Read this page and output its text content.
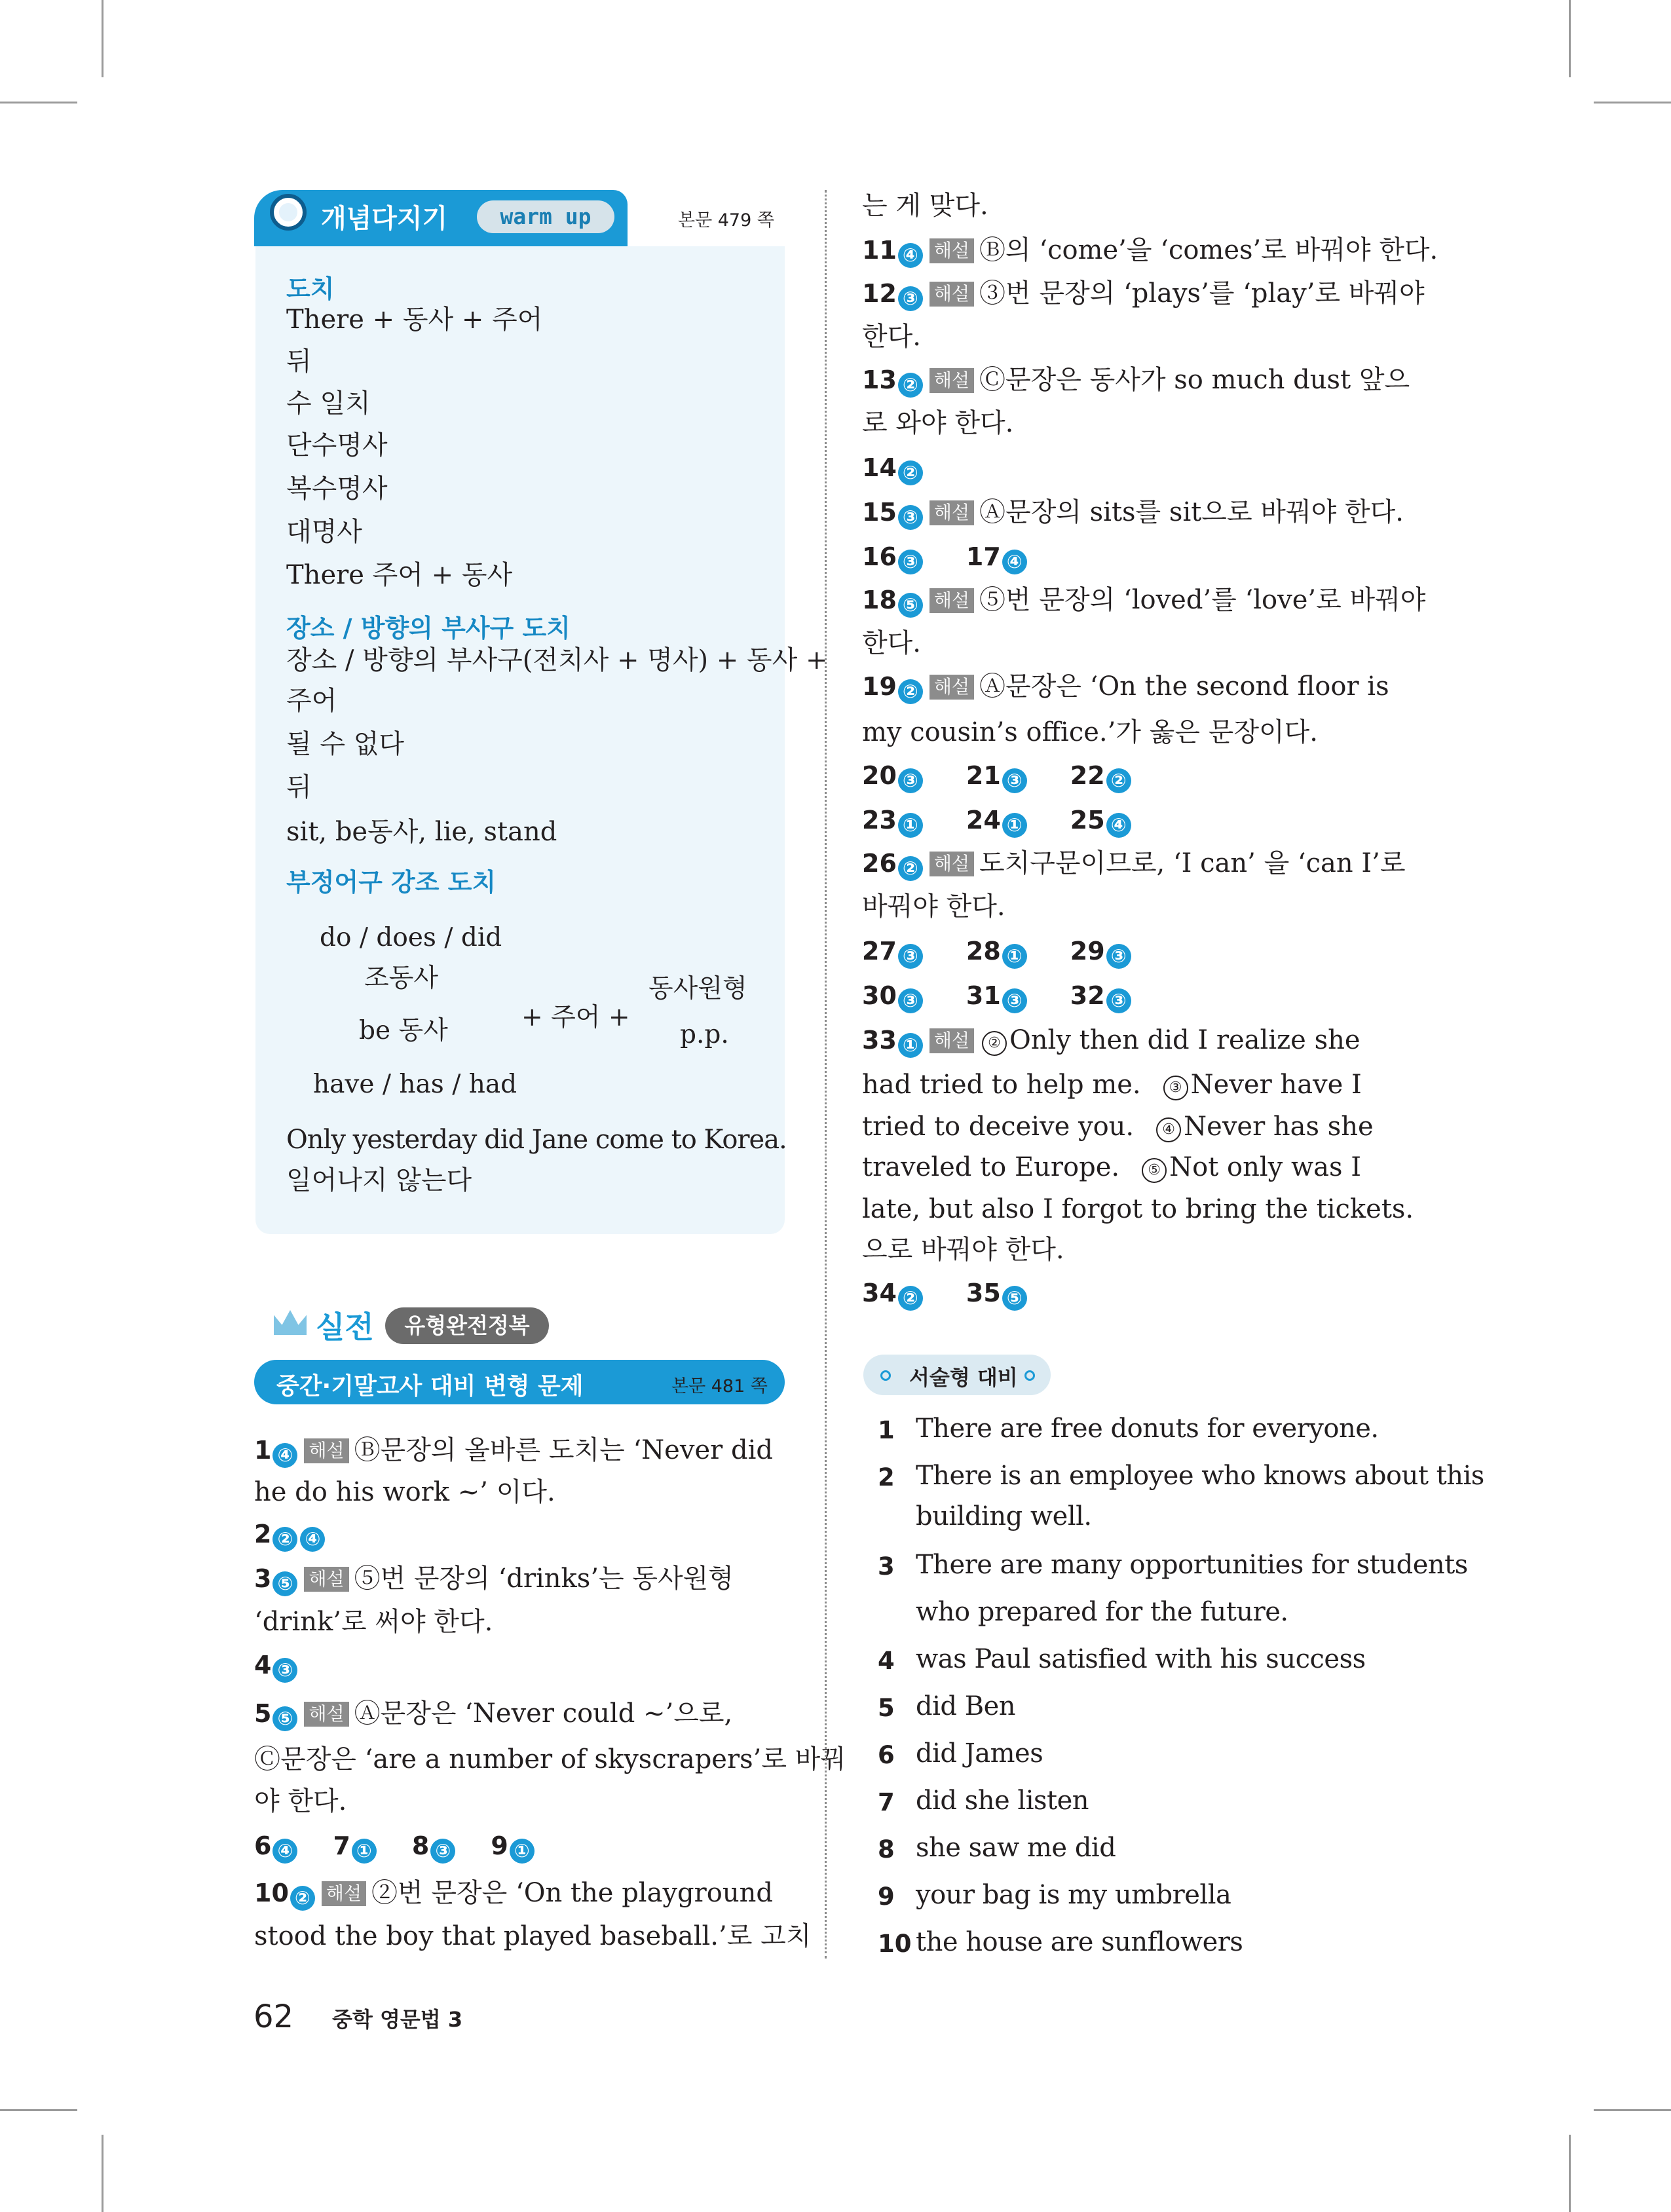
개념다지기	warm up	본문 479 쪽
도치
There + 동사 + 주어
뒤
수 일치
단수명사
복수명사
대명사
There 주어 + 동사
장소 / 방향의 부사구 도치
장소 / 방향의 부사구(전치사 + 명사) + 동사 +
주어
될 수 없다
뒤
sit, be동사, lie, stand
부정어구 강조 도치
do / does / did
조동사
be 동사
have / has / had
+ 주어 +
동사원형
p.p.
Only yesterday did Jane come to Korea.
일어나지 않는다
실전	유형완전정복
중간·기말고사 대비 변형 문제	본문 481 쪽
1 ④ 해설 Ⓑ문장의 올바른 도치는 ‘Never did
he do his work ~’ 이다.
2 ② ④
3 ⑤ 해설 ⑤번 문장의 ‘drinks’는 동사원형
‘drink’로 써야 한다.
4 ③
5 ⑤ 해설 Ⓐ문장은 ‘Never could ~’으로,
Ⓒ문장은 ‘are a number of skyscrapers’로 바꿔
야 한다.
6 ④ 7 ① 8 ③ 9 ①
10 ② 해설 ②번 문장은 ‘On the playground
stood the boy that played baseball.’로 고치
는 게 맞다.
11 ④ 해설 Ⓑ의 ‘come’을 ‘comes’로 바꿔야 한다.
12 ③ 해설 ③번 문장의 ‘plays’를 ‘play’로 바꿔야
한다.
13 ② 해설 Ⓒ문장은 동사가 so much dust 앞으
로 와야 한다.
14 ②
15 ③ 해설 Ⓐ문장의 sits를 sit으로 바꿔야 한다.
16 ③ 17 ④
18 ⑤ 해설 ⑤번 문장의 ‘loved’를 ‘love’로 바꿔야
한다.
19 ② 해설 Ⓐ문장은 ‘On the second floor is
my cousin’s office.’가 옳은 문장이다.
20 ③ 21 ③ 22 ②
23 ① 24 ① 25 ④
26 ② 해설 도치구문이므로, ‘I can’ 을 ‘can I’로
바꿔야 한다.
27 ③ 28 ① 29 ③
30 ③ 31 ③ 32 ③
33 ① 해설 ② Only then did I realize she
had tried to help me. ③ Never have I
tried to deceive you. ④ Never has she
traveled to Europe. ⑤ Not only was I
late, but also I forgot to bring the tickets.
으로 바꿔야 한다.
34 ② 35 ⑤
서술형 대비
1 There are free donuts for everyone.
2 There is an employee who knows about this
building well.
3 There are many opportunities for students
who prepared for the future.
4 was Paul satisfied with his success
5 did Ben
6 did James
7 did she listen
8 she saw me did
9 your bag is my umbrella
10 the house are sunflowers
62 중학 영문법 3
